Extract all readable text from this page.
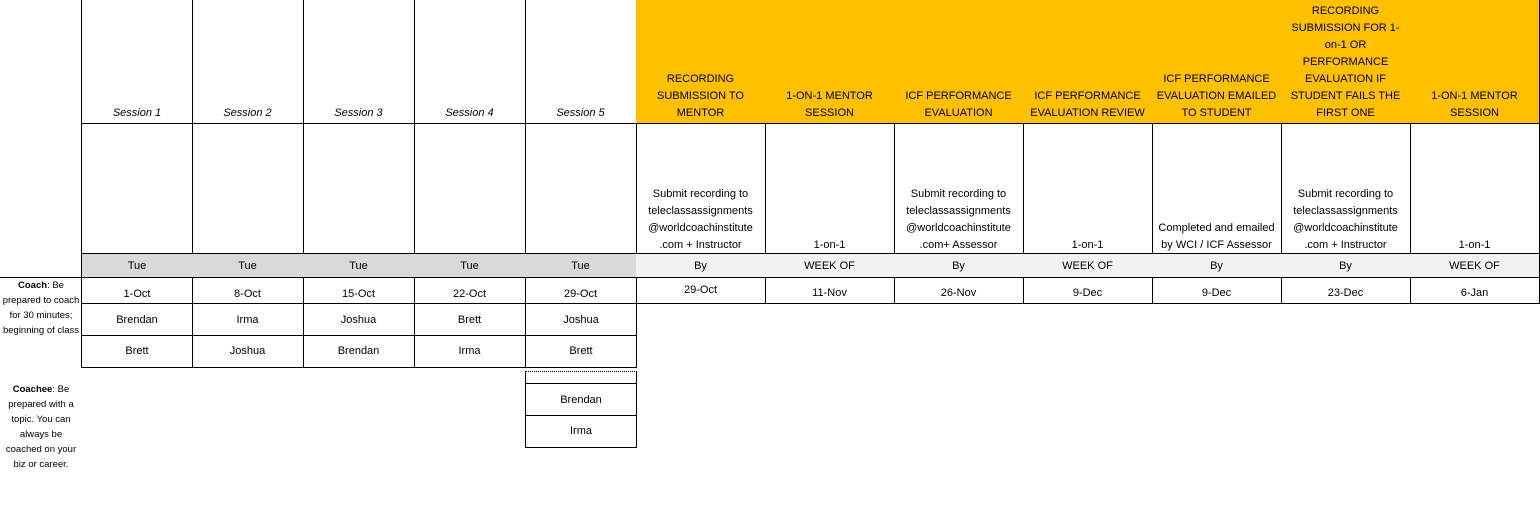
Coach: Be prepared to coach for 30 minutes; beginning of class
Coachee: Be prepared with a topic. You can always be coached on your biz or career.
Session 1
Tue
1-Oct
Brendan
Brett
Session 2
Tue
8-Oct
Irma
Joshua
Session 3
Tue
15-Oct
Joshua
Brendan
Session 4
Tue
22-Oct
Brett
Irma
Session 5
Tue
29-Oct
Joshua
Brett
Brendan
Irma
RECORDING SUBMISSION TO MENTOR
Submit recording to teleclassassignments @worldcoachinstitute .com + Instructor
By
29-Oct
1-ON-1 MENTOR SESSION
1-on-1
WEEK OF
11-Nov
ICF PERFORMANCE EVALUATION
Submit recording to teleclassassignments @worldcoachinstitute .com+ Assessor
By
26-Nov
ICF PERFORMANCE EVALUATION REVIEW
1-on-1
WEEK OF
9-Dec
ICF PERFORMANCE EVALUATION EMAILED TO STUDENT
Completed and emailed by WCI / ICF Assessor
By
9-Dec
RECORDING SUBMISSION FOR 1-on-1 OR PERFORMANCE EVALUATION IF STUDENT FAILS THE FIRST ONE
Submit recording to teleclassassignments @worldcoachinstitute .com + Instructor
By
23-Dec
1-ON-1 MENTOR SESSION
1-on-1
WEEK OF
6-Jan
